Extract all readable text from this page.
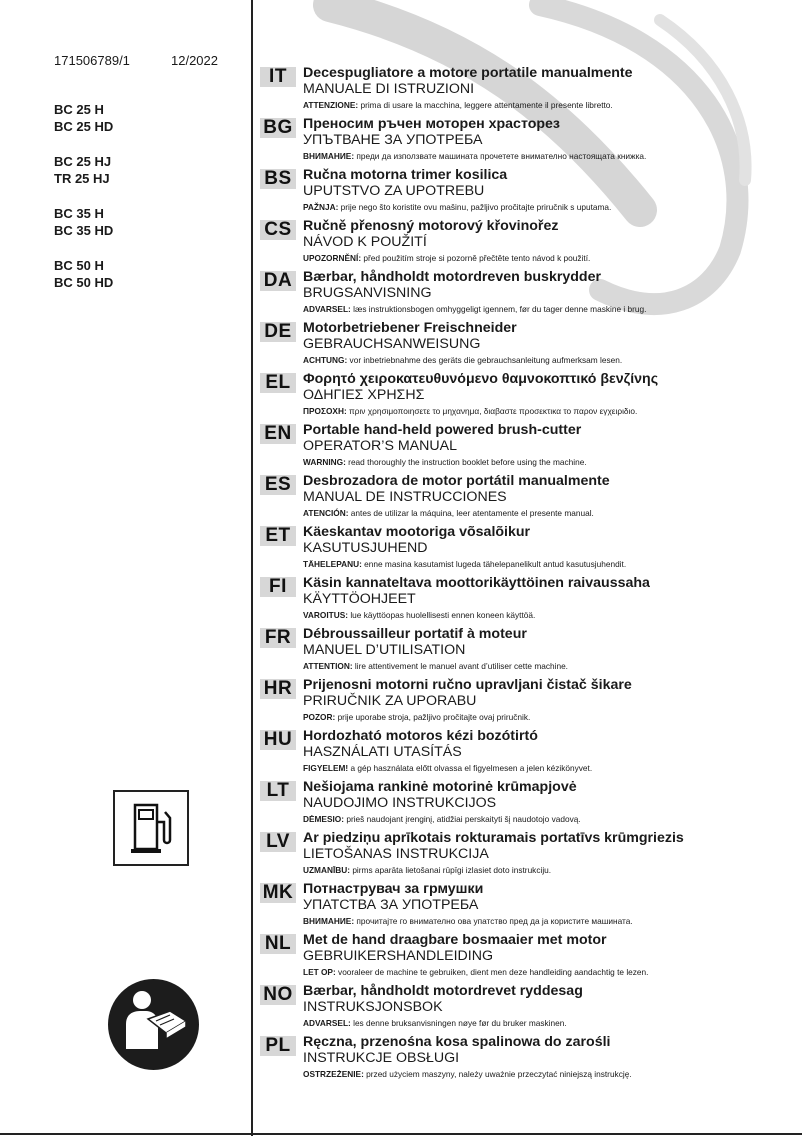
171506789/1	12/2022
BC 25 H
BC 25 HD
BC 25 HJ
TR 25 HJ
BC 35 H
BC 35 HD
BC 50 H
BC 50 HD
IT	Decespugliatore a motore portatile manualmente
MANUALE DI ISTRUZIONI
ATTENZIONE: prima di usare la macchina, leggere attentamente il presente libretto.
BG Преносим ръчен моторен храсторез
УПЪТВАНЕ ЗА УПОТРЕБА
ВНИМАНИЕ: преди да използвате машината прочетете внимателно настоящата книжка.
BS Ručna motorna trimer kosilica
UPUTSTVO ZA UPOTREBU
PAŽNJA: prije nego što koristite ovu mašinu, pažljivo pročitajte priručnik s uputama.
CS Ručně přenosný motorový křovinořez
NÁVOD K POUŽITÍ
UPOZORNĚNÍ: před použitím stroje si pozorně přečtěte tento návod k použití.
DA Bærbar, håndholdt motordreven buskrydder
BRUGSANVISNING
ADVARSEL: læs instruktionsbogen omhyggeligt igennem, før du tager denne maskine i brug.
DE Motorbetriebener Freischneider
GEBRAUCHSANWEISUNG
ACHTUNG: vor inbetriebnahme des geräts die gebrauchsanleitung aufmerksam lesen.
EL Φορητό χειροκατευθυνόμενο θαμνοκοπτικό βενζίνης
ΟΔΗΓΙΕΣ ΧΡΗΣΗΣ
ΠΡΟΣΟΧΗ: πριν χρησιμοποιησετε το μηχανημα, διαβαστε προσεκτικα το παρον εγχειριδιο.
EN Portable hand-held powered brush-cutter
OPERATOR’S MANUAL
WARNING: read thoroughly the instruction booklet before using the machine.
ES Desbrozadora de motor portátil manualmente
MANUAL DE INSTRUCCIONES
ATENCIÓN: antes de utilizar la máquina, leer atentamente el presente manual.
ET Käeskantav mootoriga võsalõikur
KASUTUSJUHEND
TÄHELEPANU: enne masina kasutamist lugeda tähelepanelikult antud kasutusjuhendit.
FI	Käsin kannateltava moottorikäyttöinen raivaussaha
KÄYTTÖOHJEET
VAROITUS: lue käyttöopas huolellisesti ennen koneen käyttöä.
FR Débroussailleur portatif à moteur
MANUEL D’UTILISATION
ATTENTION: lire attentivement le manuel avant d’utiliser cette machine.
HR Prijenosni motorni ručno upravljani čistač šikare
PRIRUČNIK ZA UPORABU
POZOR: prije uporabe stroja, pažljivo pročitajte ovaj priručnik.
HU Hordozható motoros kézi bozótirtó
HASZNÁLATI UTASÍTÁS
FIGYELEM! a gép használata előtt olvassa el figyelmesen a jelen kézikönyvet.
LT Nešiojama rankinė motorinė krūmapjovė
NAUDOJIMO INSTRUKCIJOS
DĖMESIO: prieš naudojant įrenginį, atidžiai perskaityti šį naudotojo vadovą.
LV Ar piedziņu aprīkotais rokturamais portatīvs krūmgriezis
LIETOŠANAS INSTRUKCIJA
UZMANĪBU: pirms aparāta lietošanai rūpīgi izlasiet doto instrukciju.
MK Потнаструвач за грмушки
УПАТСТВА ЗА УПОТРЕБА
ВНИМАНИЕ: прочитајте го внимателно ова упатство пред да ја користите машината.
NL Met de hand draagbare bosmaaier met motor
GEBRUIKERSHANDLEIDING
LET OP: vooraleer de machine te gebruiken, dient men deze handleiding aandachtig te lezen.
NO Bærbar, håndholdt motordrevet ryddesag
INSTRUKSJONSBOK
ADVARSEL: les denne bruksanvisningen nøye før du bruker maskinen.
PL Ręczna, przenośna kosa spalinowa do zarośli
INSTRUKCJE OBSŁUGI
OSTRZEŻENIE: przed użyciem maszyny, należy uważnie przeczytać niniejszą instrukcję.
